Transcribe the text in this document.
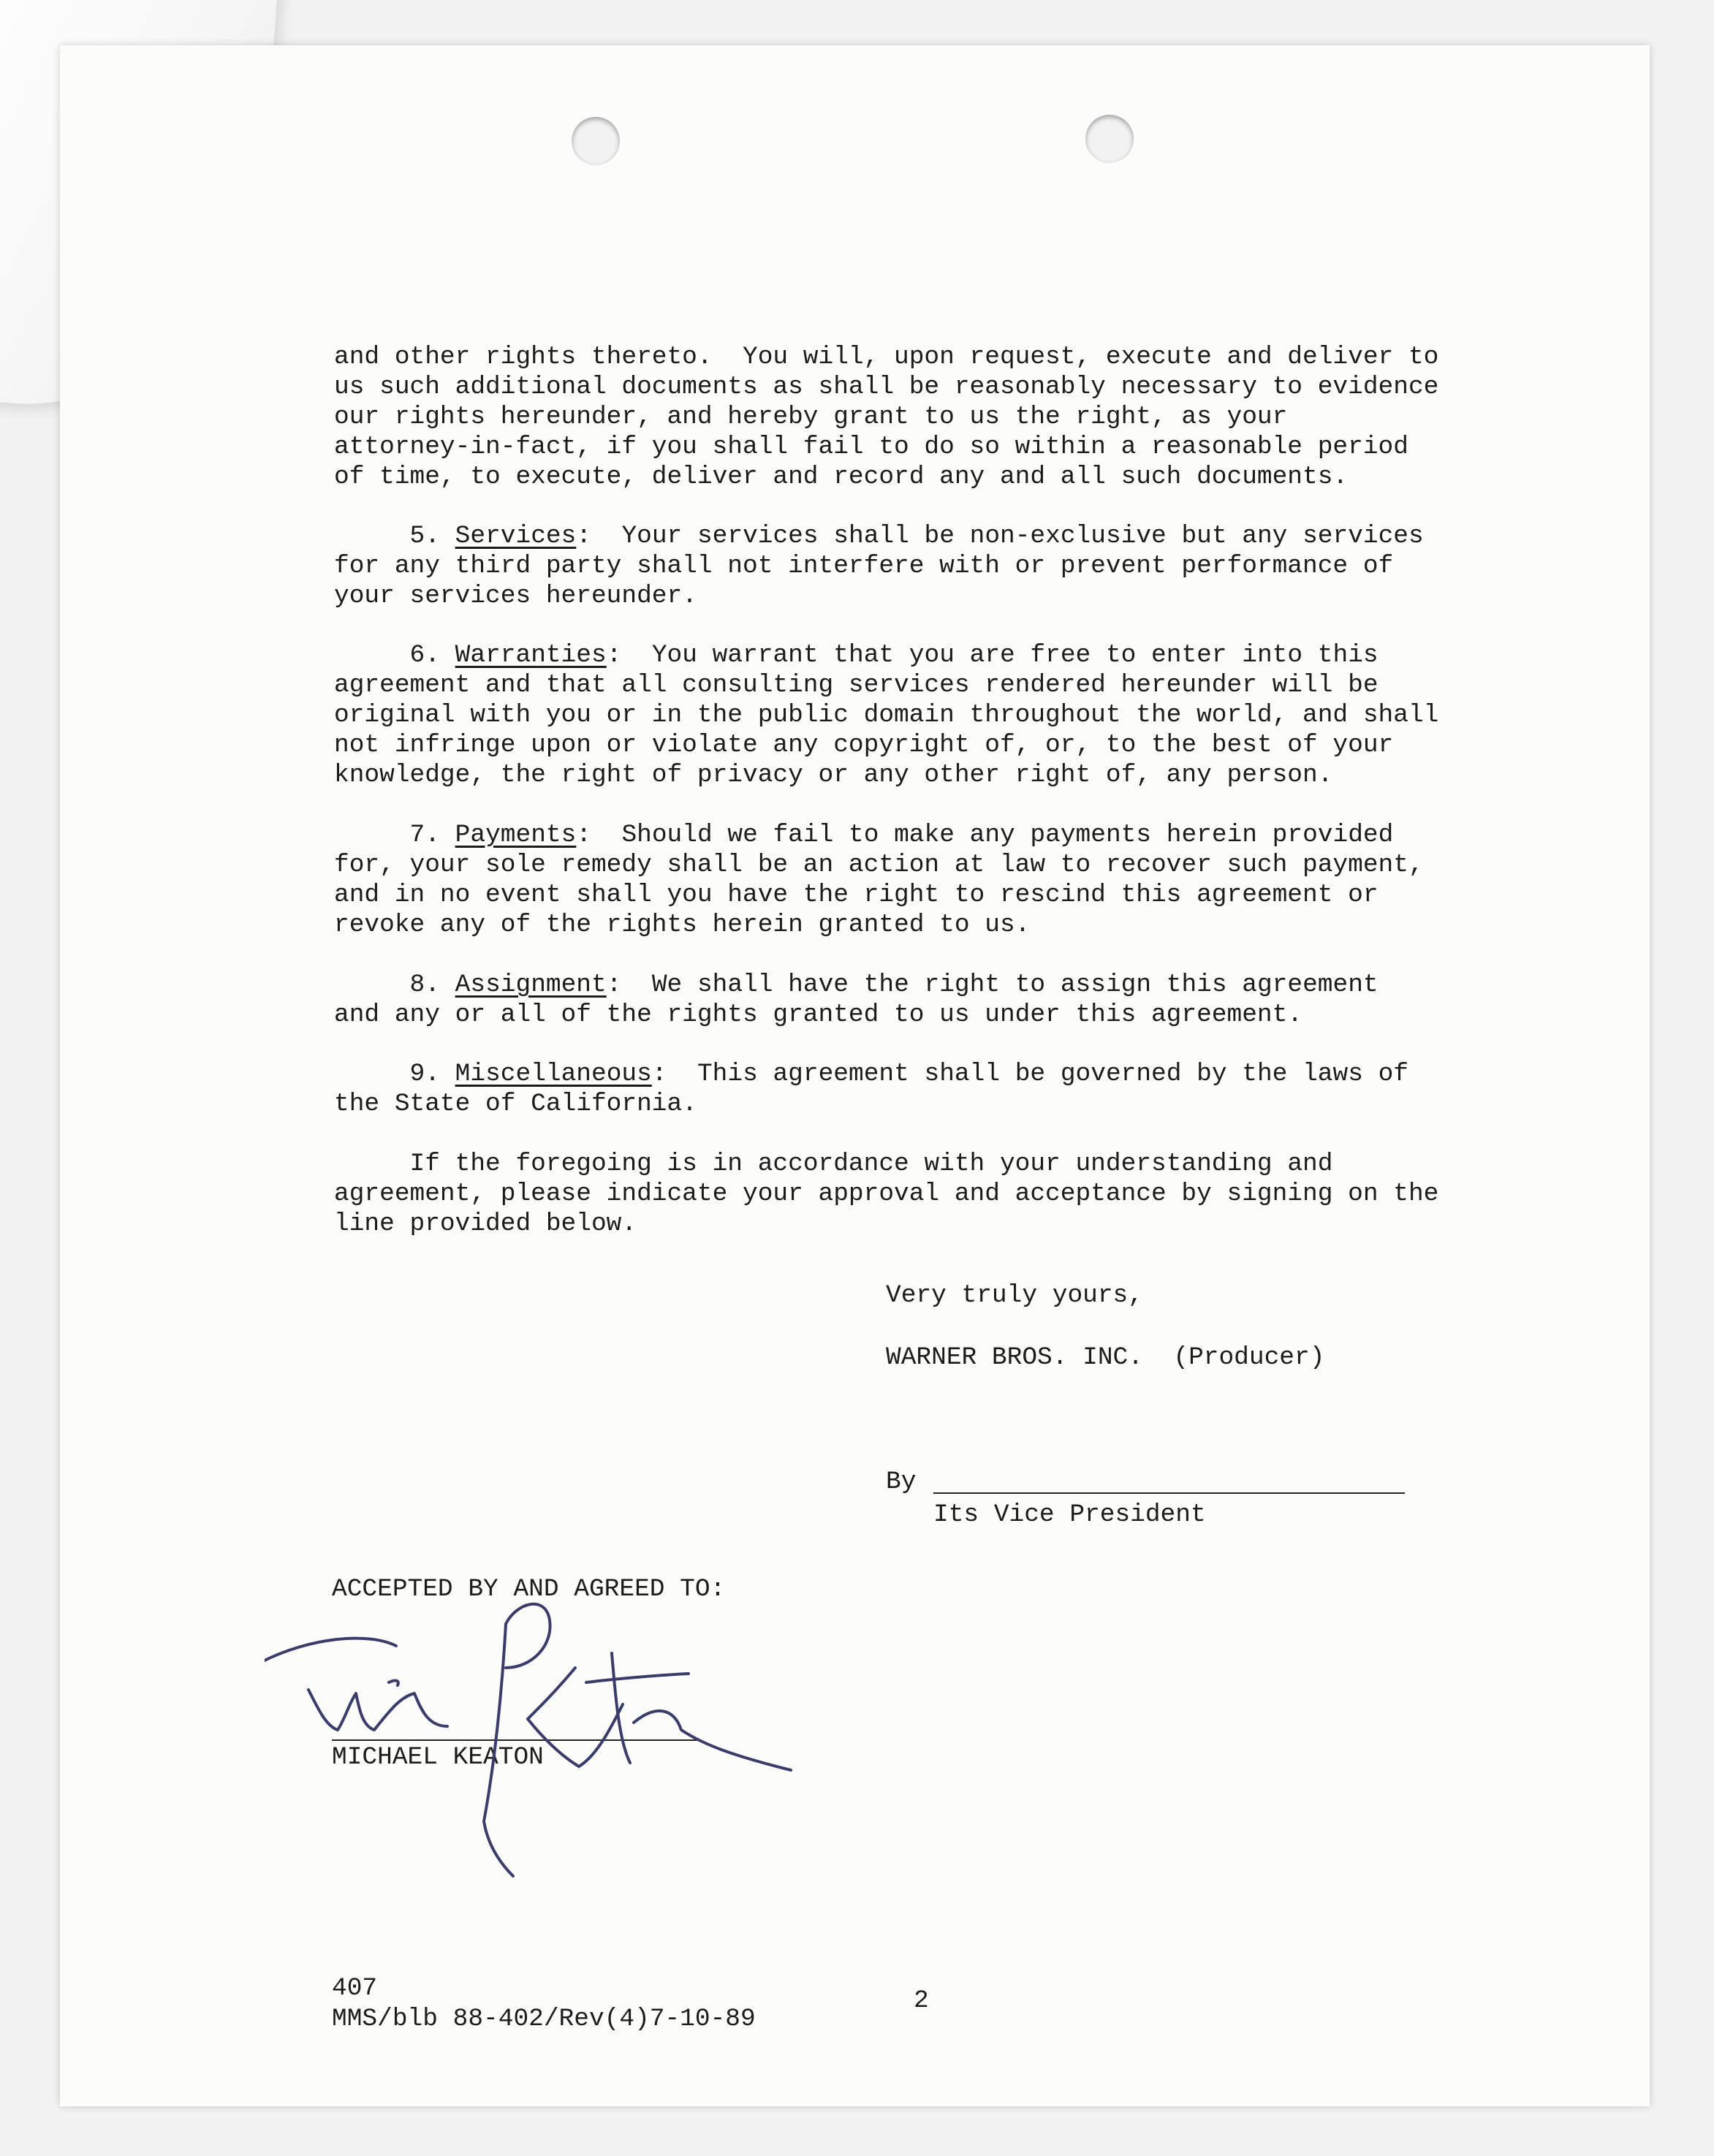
and other rights thereto.  You will, upon request, execute and deliver to

us such additional documents as shall be reasonably necessary to evidence

our rights hereunder, and hereby grant to us the right, as your

attorney-in-fact, if you shall fail to do so within a reasonable period

of time, to execute, deliver and record any and all such documents.

5. Services:  Your services shall be non-exclusive but any services

for any third party shall not interfere with or prevent performance of

your services hereunder.

6. Warranties:  You warrant that you are free to enter into this

agreement and that all consulting services rendered hereunder will be

original with you or in the public domain throughout the world, and shall

not infringe upon or violate any copyright of, or, to the best of your

knowledge, the right of privacy or any other right of, any person.

7. Payments:  Should we fail to make any payments herein provided

for, your sole remedy shall be an action at law to recover such payment,

and in no event shall you have the right to rescind this agreement or

revoke any of the rights herein granted to us.

8. Assignment:  We shall have the right to assign this agreement

and any or all of the rights granted to us under this agreement.

9. Miscellaneous:  This agreement shall be governed by the laws of

the State of California.

If the foregoing is in accordance with your understanding and

agreement, please indicate your approval and acceptance by signing on the

line provided below.

Very truly yours,

WARNER BROS. INC.  (Producer)

By

Its Vice President

ACCEPTED BY AND AGREED TO:

MICHAEL KEATON

407

MMS/blb 88-402/Rev(4)7-10-89

2
